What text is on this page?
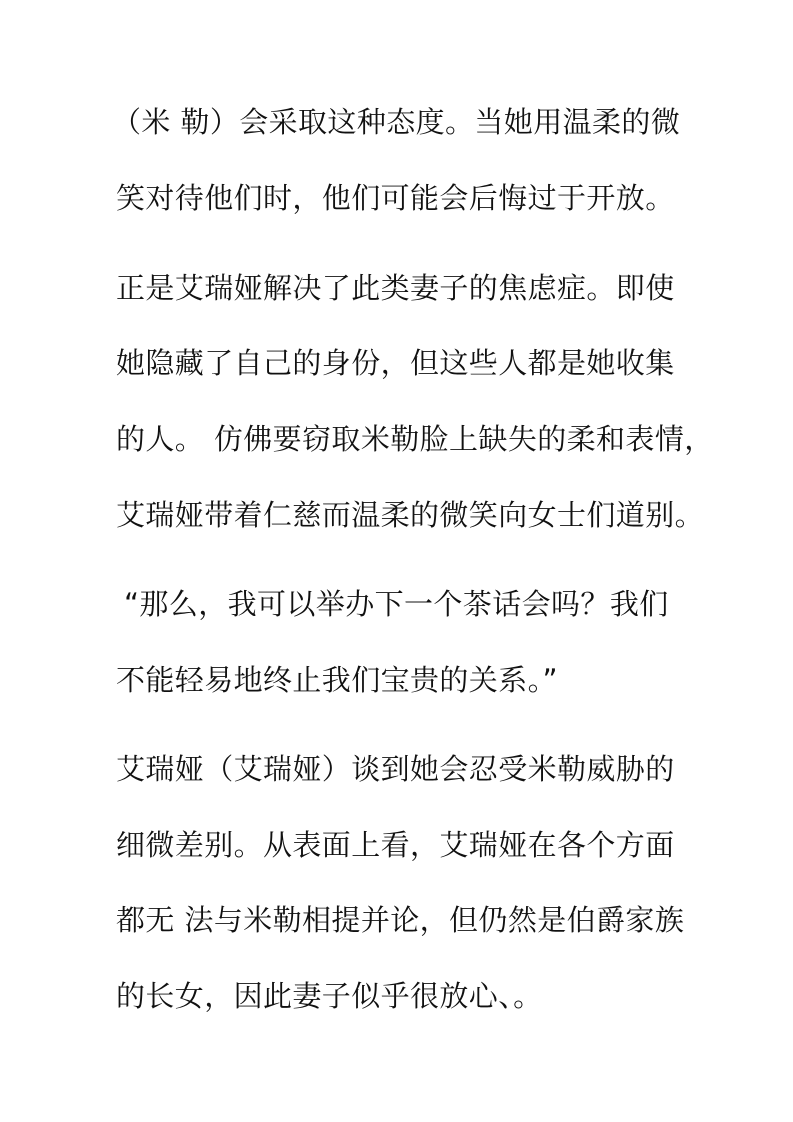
（米 勒）会采取这种态度。当她用温柔的微
笑对待他们时，他们可能会后悔过于开放。
正是艾瑞娅解决了此类妻子的焦虑症。即使
她隐藏了自己的身份，但这些人都是她收集
的人。 仿佛要窃取米勒脸上缺失的柔和表情，
艾瑞娅带着仁慈而温柔的微笑向女士们道别。
“那么，我可以举办下一个茶话会吗？我们
不能轻易地终止我们宝贵的关系。”
艾瑞娅（艾瑞娅）谈到她会忍受米勒威胁的
细微差别。从表面上看，艾瑞娅在各个方面
都无 法与米勒相提并论，但仍然是伯爵家族
的长女，因此妻子似乎很放心、。
